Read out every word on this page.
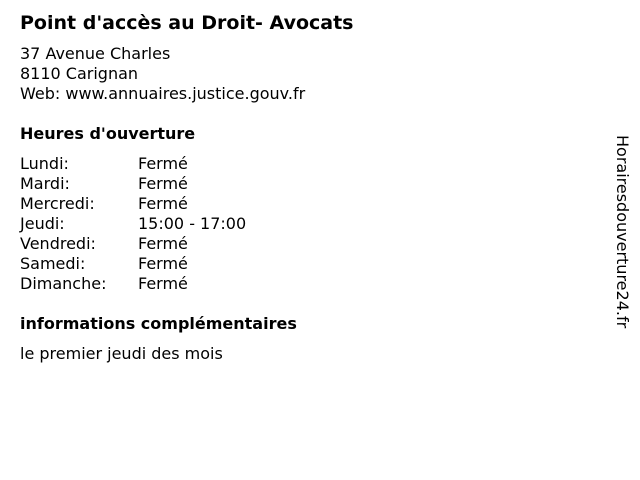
Point d'accès au Droit- Avocats
37 Avenue Charles
8110 Carignan
Web: www.annuaires.justice.gouv.fr
Heures d'ouverture
Lundi:	Fermé
Mardi:	Fermé
Mercredi:	Fermé
Jeudi:	15:00 - 17:00
Vendredi:	Fermé
Samedi:	Fermé
Dimanche:	Fermé
informations complémentaires
le premier jeudi des mois
Horairesdouverture24.fr
